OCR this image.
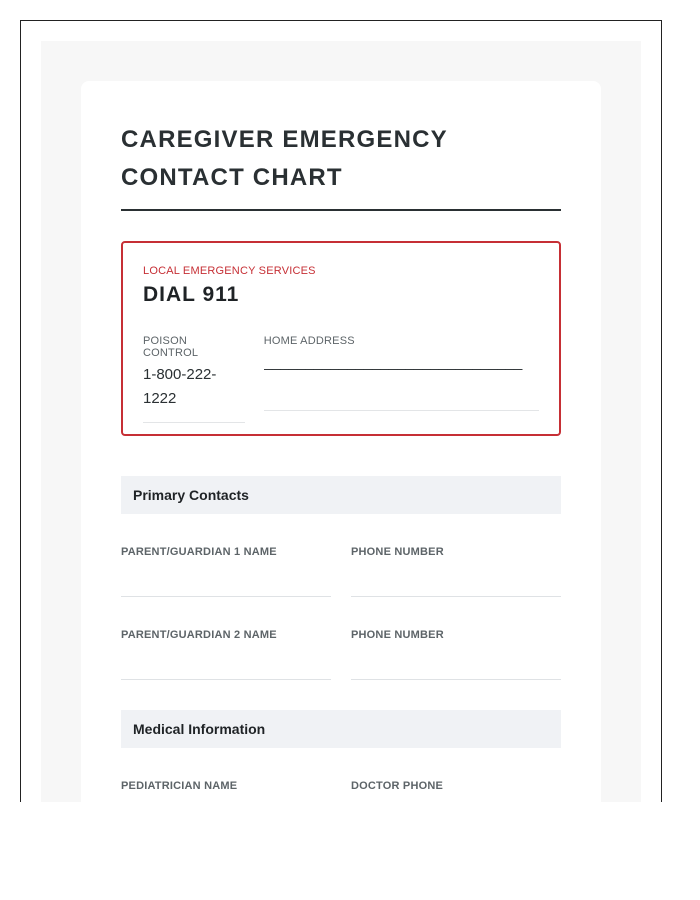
CAREGIVER EMERGENCY CONTACT CHART
LOCAL EMERGENCY SERVICES
DIAL 911
POISON CONTROL
1-800-222-1222
HOME ADDRESS
_______________________________
Primary Contacts
PARENT/GUARDIAN 1 NAME	PHONE NUMBER
PARENT/GUARDIAN 2 NAME	PHONE NUMBER
Medical Information
PEDIATRICIAN NAME	DOCTOR PHONE
